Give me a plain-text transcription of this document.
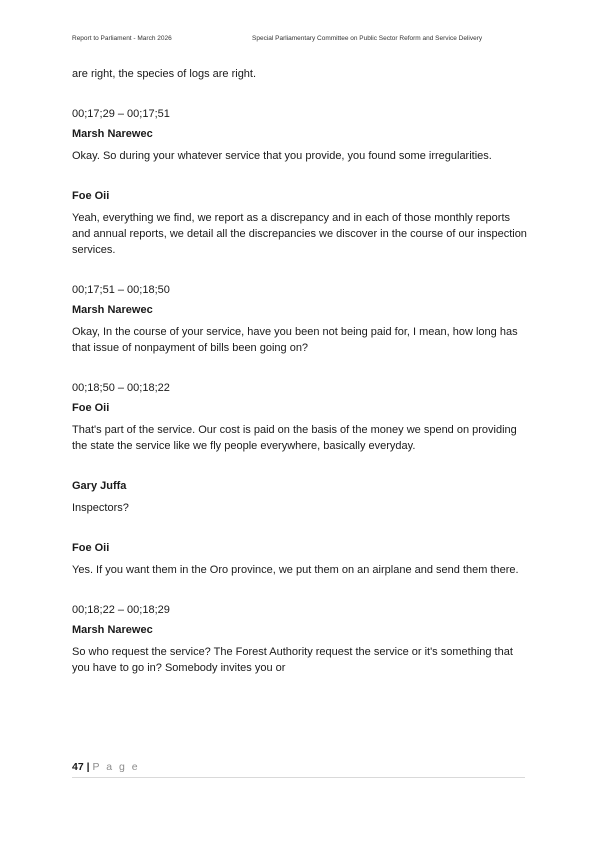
Report to Parliament - March 2026	Special Parliamentary Committee on Public Sector Reform and Service Delivery

are right, the species of logs are right.

00;17;29 – 00;17;51
Marsh Narewec

Okay. So during your whatever service that you provide, you found some irregularities.

Foe Oii

Yeah, everything we find, we report as a discrepancy and in each of those monthly reports and annual reports, we detail all the discrepancies we discover in the course of our inspection services.

00;17;51 – 00;18;50
Marsh Narewec

Okay, In the course of your service, have you been not being paid for, I mean, how long has that issue of nonpayment of bills been going on?

00;18;50 – 00;18;22
Foe Oii

That's part of the service. Our cost is paid on the basis of the money we spend on providing the state the service like we fly people everywhere, basically everyday.

Gary Juffa

Inspectors?

Foe Oii

Yes. If you want them in the Oro province, we put them on an airplane and send them there.

00;18;22 – 00;18;29
Marsh Narewec

So who request the service? The Forest Authority request the service or it's something that you have to go in? Somebody invites you or

47 | P a g e
